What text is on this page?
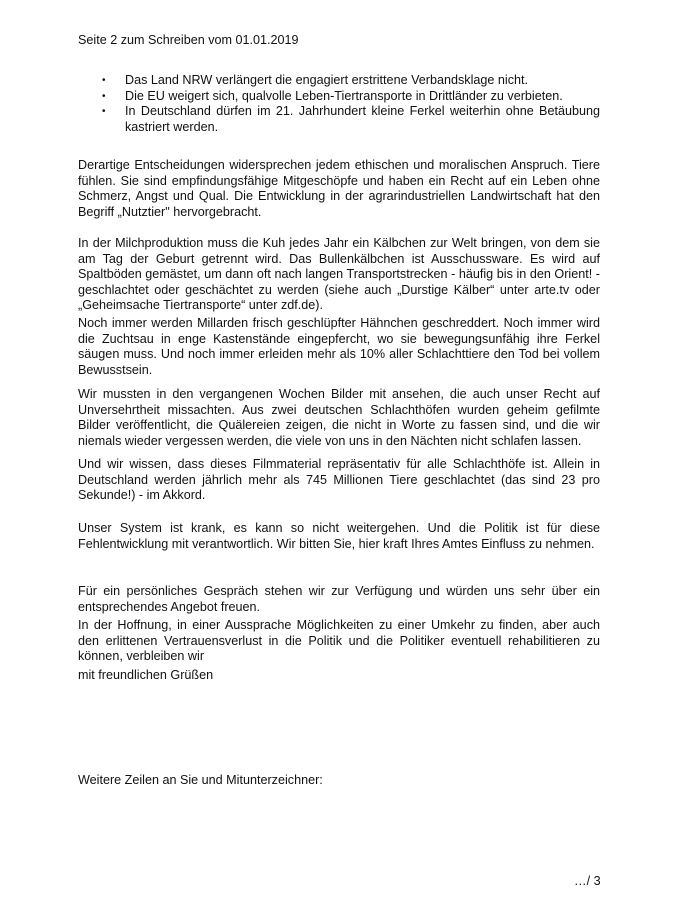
Seite 2 zum Schreiben vom 01.01.2019
• Das Land NRW verlängert die engagiert erstrittene Verbandsklage nicht.
• Die EU weigert sich, qualvolle Leben-Tiertransporte in Drittländer zu verbieten.
• In Deutschland dürfen im 21. Jahrhundert kleine Ferkel weiterhin ohne Betäubung kastriert werden.

Derartige Entscheidungen widersprechen jedem ethischen und moralischen Anspruch. Tiere fühlen. Sie sind empfindungsfähige Mitgeschöpfe und haben ein Recht auf ein Leben ohne Schmerz, Angst und Qual. Die Entwicklung in der agrarindustriellen Landwirtschaft hat den Begriff „Nutztier" hervorgebracht.

In der Milchproduktion muss die Kuh jedes Jahr ein Kälbchen zur Welt bringen, von dem sie am Tag der Geburt getrennt wird. Das Bullenkälbchen ist Ausschussware. Es wird auf Spaltböden gemästet, um dann oft nach langen Transportstrecken - häufig bis in den Orient! - geschlachtet oder geschächtet zu werden (siehe auch „Durstige Kälber“ unter arte.tv oder „Geheimsache Tiertransporte“ unter zdf.de).

Noch immer werden Millarden frisch geschlüpfter Hähnchen geschreddert. Noch immer wird die Zuchtsau in enge Kastenstände eingepfercht, wo sie bewegungsunfähig ihre Ferkel säugen muss. Und noch immer erleiden mehr als 10% aller Schlachttiere den Tod bei vollem Bewusstsein.

Wir mussten in den vergangenen Wochen Bilder mit ansehen, die auch unser Recht auf Unversehrtheit missachten. Aus zwei deutschen Schlachthöfen wurden geheim gefilmte Bilder veröffentlicht, die Quälereien zeigen, die nicht in Worte zu fassen sind, und die wir niemals wieder vergessen werden, die viele von uns in den Nächten nicht schlafen lassen.

Und wir wissen, dass dieses Filmmaterial repräsentativ für alle Schlachthöfe ist. Allein in Deutschland werden jährlich mehr als 745 Millionen Tiere geschlachtet (das sind 23 pro Sekunde!) - im Akkord.

Unser System ist krank, es kann so nicht weitergehen. Und die Politik ist für diese Fehlentwicklung mit verantwortlich. Wir bitten Sie, hier kraft Ihres Amtes Einfluss zu nehmen.

Für ein persönliches Gespräch stehen wir zur Verfügung und würden uns sehr über ein entsprechendes Angebot freuen.

In der Hoffnung, in einer Aussprache Möglichkeiten zu einer Umkehr zu finden, aber auch den erlittenen Vertrauensverlust in die Politik und die Politiker eventuell rehabilitieren zu können, verbleiben wir

mit freundlichen Grüßen
Weitere Zeilen an Sie und Mitunterzeichner:
…/ 3
